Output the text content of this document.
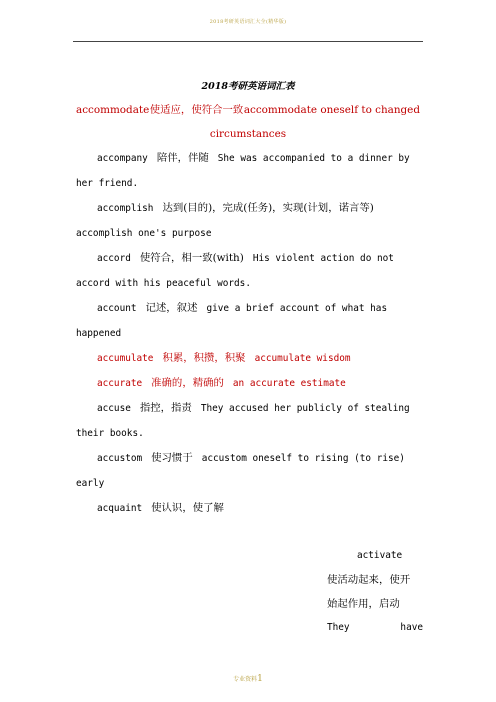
2018考研英语词汇大全(精华版)
2018考研英语词汇表

accommodate 使适应，使符合一致 accommodate oneself to changed
circumstances

accompany 陪伴，伴随 She was accompanied to a dinner by her friend.

accomplish 达到(目的)，完成(任务)，实现(计划，诺言等) accomplish one's purpose

accord 使符合，相一致(with) His violent action do not accord with his peaceful words.

account 记述，叙述 give a brief account of what has happened

accumulate 积累，积攒，积聚 accumulate wisdom

accurate 准确的，精确的 an accurate estimate

accuse 指控，指责 They accused her publicly of stealing their books.

accustom 使习惯于 accustom oneself to rising (to rise) early

acquaint 使认识，使了解

activate
使活动起来，使开
始起作用，启动
They	have
专业资料1
